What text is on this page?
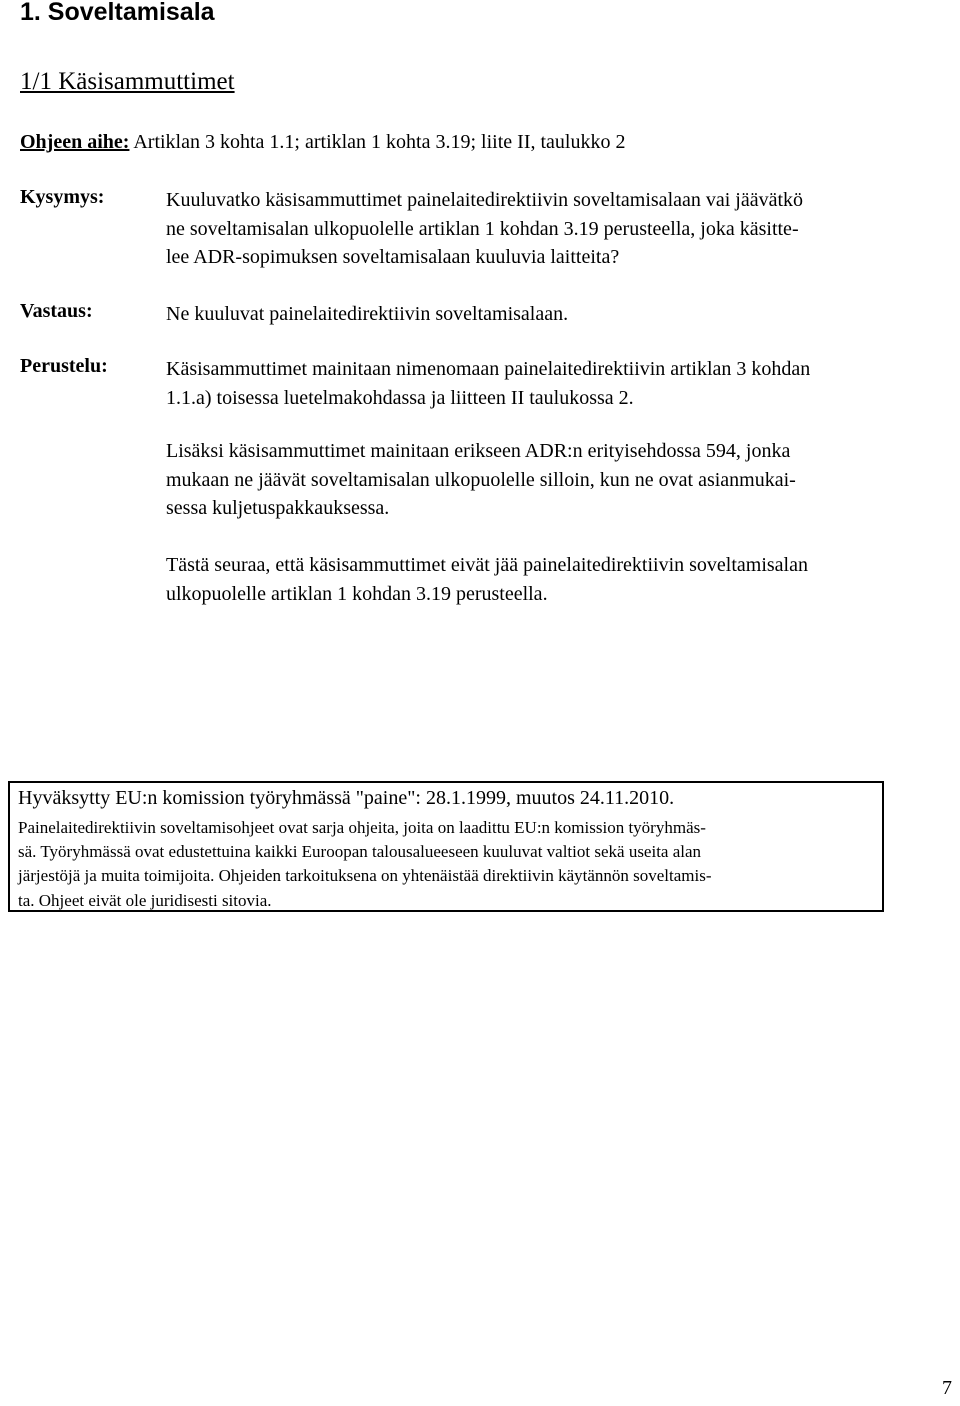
1. Soveltamisala
1/1 Käsisammuttimet
Ohjeen aihe: Artiklan 3 kohta 1.1; artiklan 1 kohta 3.19; liite II, taulukko 2
Kysymys:	Kuuluvatko käsisammuttimet painelaitedirektiivin soveltamisalaan vai jäävätkö
ne soveltamisalan ulkopuolelle artiklan 1 kohdan 3.19 perusteella, joka käsitte-
lee ADR-sopimuksen soveltamisalaan kuuluvia laitteita?
Vastaus:	Ne kuuluvat painelaitedirektiivin soveltamisalaan.
Perustelu:	Käsisammuttimet mainitaan nimenomaan painelaitedirektiivin artiklan 3 kohdan
1.1.a) toisessa luetelmakohdassa ja liitteen II taulukossa 2.
Lisäksi käsisammuttimet mainitaan erikseen ADR:n erityisehdossa 594, jonka
mukaan ne jäävät soveltamisalan ulkopuolelle silloin, kun ne ovat asianmukai-
sessa kuljetuspakkauksessa.
Tästä seuraa, että käsisammuttimet eivät jää painelaitedirektiivin soveltamisalan
ulkopuolelle artiklan 1 kohdan 3.19 perusteella.
Hyväksytty EU:n komission työryhmässä "paine": 28.1.1999, muutos 24.11.2010.
Painelaitedirektiivin soveltamisohjeet ovat sarja ohjeita, joita on laadittu EU:n komission työryhmäs-
sä. Työryhmässä ovat edustettuina kaikki Euroopan talousalueeseen kuuluvat valtiot sekä useita alan
järjestöjä ja muita toimijoita. Ohjeiden tarkoituksena on yhtenäistää direktiivin käytännön soveltamis-
ta. Ohjeet eivät ole juridisesti sitovia.
7
